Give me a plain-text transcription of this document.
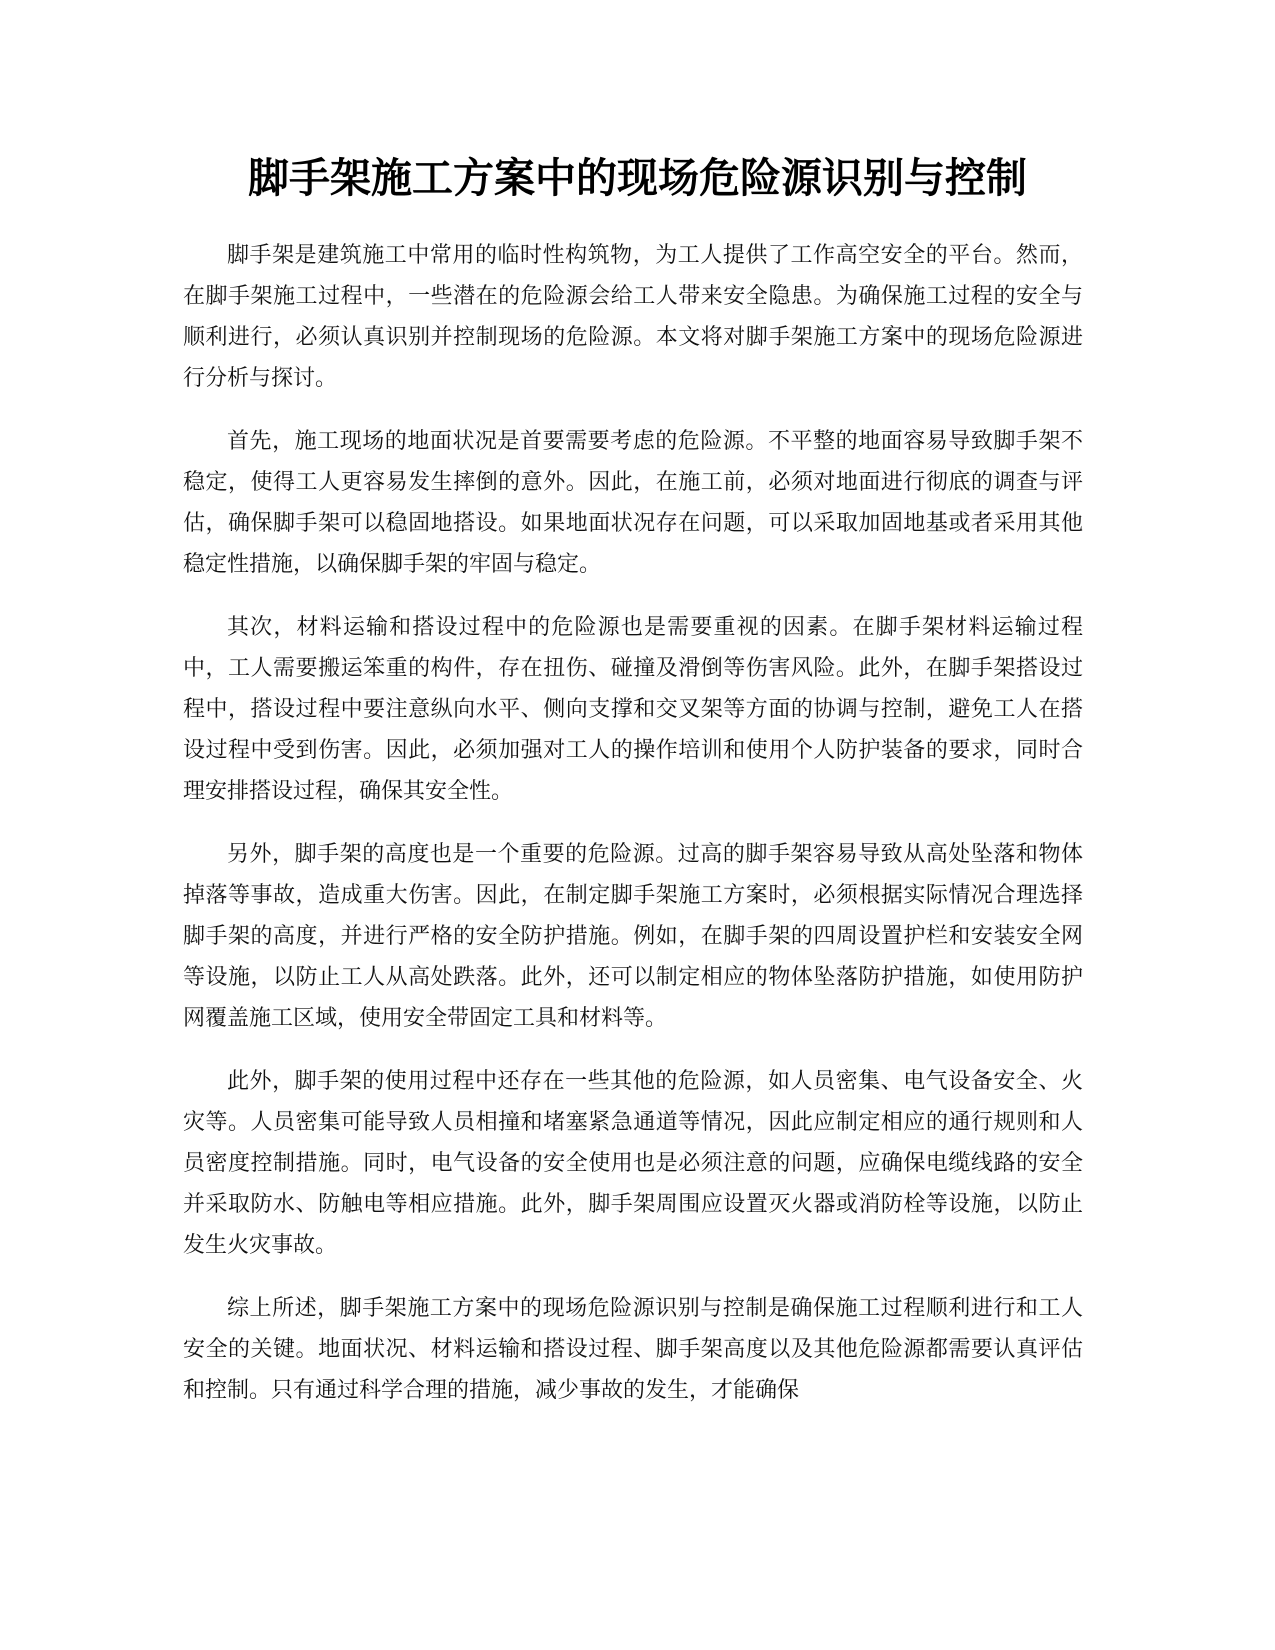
脚手架施工方案中的现场危险源识别与控制

脚手架是建筑施工中常用的临时性构筑物，为工人提供了工作高空安全的平台。然而，在脚手架施工过程中，一些潜在的危险源会给工人带来安全隐患。为确保施工过程的安全与顺利进行，必须认真识别并控制现场的危险源。本文将对脚手架施工方案中的现场危险源进行分析与探讨。

首先，施工现场的地面状况是首要需要考虑的危险源。不平整的地面容易导致脚手架不稳定，使得工人更容易发生摔倒的意外。因此，在施工前，必须对地面进行彻底的调查与评估，确保脚手架可以稳固地搭设。如果地面状况存在问题，可以采取加固地基或者采用其他稳定性措施，以确保脚手架的牢固与稳定。

其次，材料运输和搭设过程中的危险源也是需要重视的因素。在脚手架材料运输过程中，工人需要搬运笨重的构件，存在扭伤、碰撞及滑倒等伤害风险。此外，在脚手架搭设过程中，搭设过程中要注意纵向水平、侧向支撑和交叉架等方面的协调与控制，避免工人在搭设过程中受到伤害。因此，必须加强对工人的操作培训和使用个人防护装备的要求，同时合理安排搭设过程，确保其安全性。

另外，脚手架的高度也是一个重要的危险源。过高的脚手架容易导致从高处坠落和物体掉落等事故，造成重大伤害。因此，在制定脚手架施工方案时，必须根据实际情况合理选择脚手架的高度，并进行严格的安全防护措施。例如，在脚手架的四周设置护栏和安装安全网等设施，以防止工人从高处跌落。此外，还可以制定相应的物体坠落防护措施，如使用防护网覆盖施工区域，使用安全带固定工具和材料等。

此外，脚手架的使用过程中还存在一些其他的危险源，如人员密集、电气设备安全、火灾等。人员密集可能导致人员相撞和堵塞紧急通道等情况，因此应制定相应的通行规则和人员密度控制措施。同时，电气设备的安全使用也是必须注意的问题，应确保电缆线路的安全并采取防水、防触电等相应措施。此外，脚手架周围应设置灭火器或消防栓等设施，以防止发生火灾事故。

综上所述，脚手架施工方案中的现场危险源识别与控制是确保施工过程顺利进行和工人安全的关键。地面状况、材料运输和搭设过程、脚手架高度以及其他危险源都需要认真评估和控制。只有通过科学合理的措施，减少事故的发生，才能确保
